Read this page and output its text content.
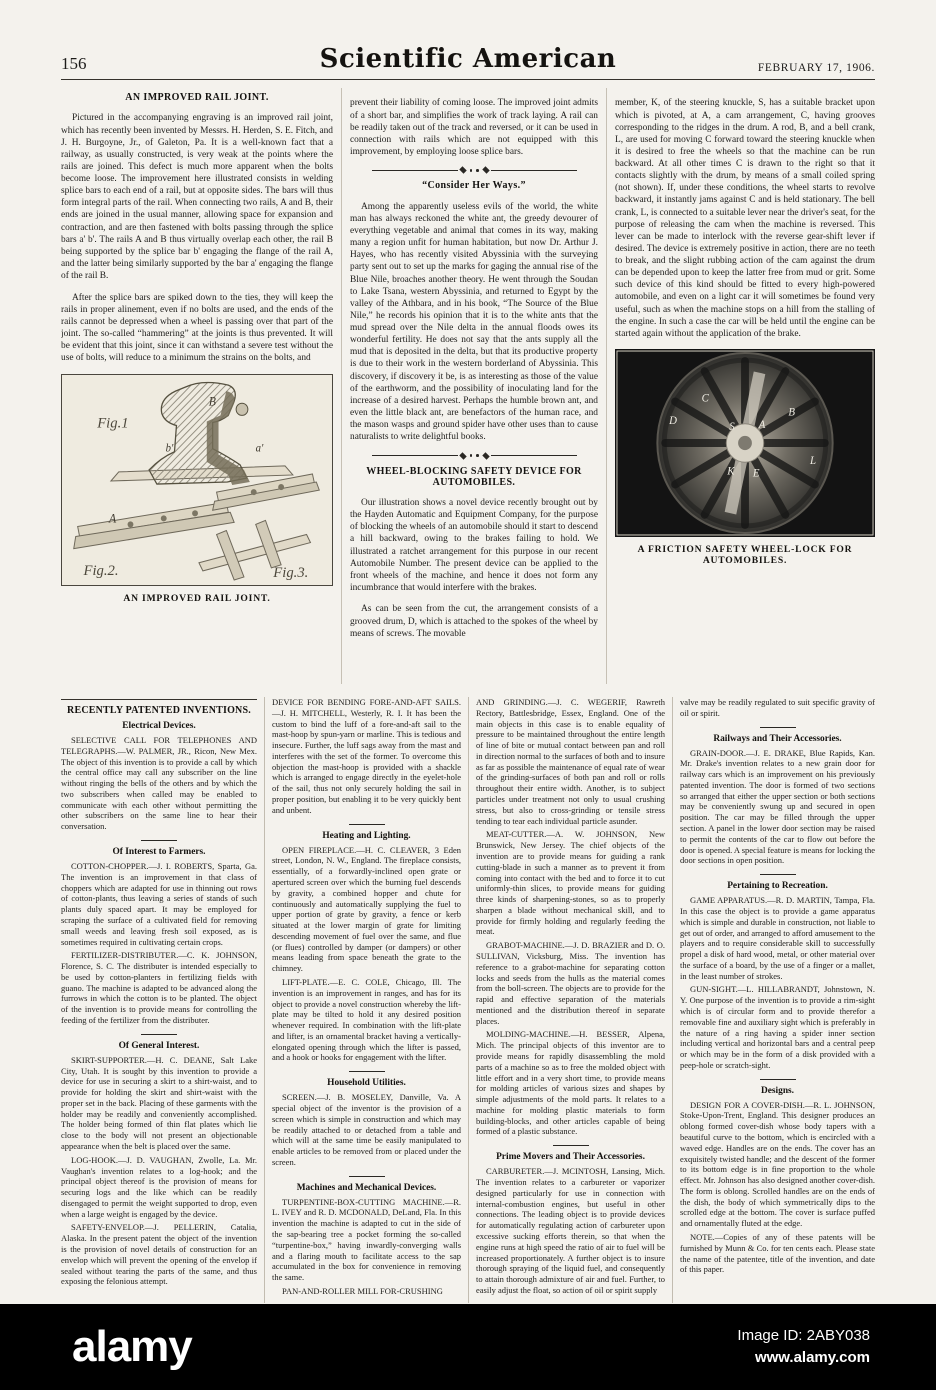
156	Scientific American	FEBRUARY 17, 1906.
AN IMPROVED RAIL JOINT.

Pictured in the accompanying engraving is an improved rail joint, which has recently been invented by Messrs. H. Herden, S. E. Fitch, and J. H. Burgoyne, Jr., of Galeton, Pa. It is a well-known fact that a railway, as usually constructed, is very weak at the points where the rails are joined. This defect is much more apparent when the bolts become loose. The improvement here illustrated consists in welding splice bars to each end of a rail, but at opposite sides. The bars will thus form integral parts of the rail. When connecting two rails, A and B, their ends are joined in the usual manner, allowing space for expansion and contraction, and are then fastened with bolts passing through the splice bars a' b'. The rails A and B thus virtually overlap each other, the rail B being supported by the splice bar b' engaging the flange of the rail A, and the latter being similarly supported by the bar a' engaging the flange of the rail B.

After the splice bars are spiked down to the ties, they will keep the rails in proper alinement, even if no bolts are used, and the ends of the rails cannot be depressed when a wheel is passing over that part of the joint. The so-called “hammering” at the joints is thus prevented. It will be evident that this joint, since it can withstand a severe test without the use of bolts, will reduce to a minimum the strains on the bolts, and

Fig.1
B
b'	a'
A
Fig.2.	Fig.3.
AN IMPROVED RAIL JOINT.

prevent their liability of coming loose. The improved joint admits of a short bar, and simplifies the work of track laying. A rail can be readily taken out of the track and reversed, or it can be used in connection with rails which are not equipped with this improvement, by employing loose splice bars.

“Consider Her Ways.”

Among the apparently useless evils of the world, the white man has always reckoned the white ant, the greedy devourer of everything vegetable and animal that comes in its way, making many a region unfit for human habitation, but now Dr. Arthur J. Hayes, who has recently visited Abyssinia with the surveying party sent out to set up the marks for gaging the annual rise of the Blue Nile, broaches another theory. He went through the Soudan to Lake Tsana, western Abyssinia, and returned to Egypt by the valley of the Athbara, and in his book, “The Source of the Blue Nile,” he records his opinion that it is to the white ants that the mud spread over the Nile delta in the annual floods owes its wonderful fertility. He does not say that the ants supply all the mud that is deposited in the delta, but that its productive property is due to their work in the western borderland of Abyssinia. This discovery, if discovery it be, is as interesting as those of the value of the earthworm, and the possibility of inoculating land for the increase of a desired harvest. Perhaps the humble brown ant, and even the little black ant, are benefactors of the human race, and the mason wasps and ground spider have other uses than to cause naturalists to write delightful books.

WHEEL-BLOCKING SAFETY DEVICE FOR AUTOMOBILES.

Our illustration shows a novel device recently brought out by the Hayden Automatic and Equipment Company, for the purpose of blocking the wheels of an automobile should it start to descend a hill backward, owing to the brakes failing to hold. We illustrated a ratchet arrangement for this purpose in our recent Automobile Number. The present device can be applied to the front wheels of the machine, and hence it does not form any incumbrance that would interfere with the brakes.

As can be seen from the cut, the arrangement consists of a grooved drum, D, which is attached to the spokes of the wheel by means of screws. The movable

member, K, of the steering knuckle, S, has a suitable bracket upon which is pivoted, at A, a cam arrangement, C, having grooves corresponding to the ridges in the drum. A rod, B, and a bell crank, L, are used for moving C forward toward the steering knuckle when it is desired to free the wheels so that the machine can be run backward. At all other times C is drawn to the right so that it contacts slightly with the drum, by means of a small coiled spring (not shown). If, under these conditions, the wheel starts to revolve backward, it instantly jams against C and is held stationary. The bell crank, L, is connected to a suitable lever near the driver's seat, for the purpose of releasing the cam when the machine is reversed. This lever can be made to interlock with the reverse gear-shift lever if desired. The device is extremely positive in action, there are no teeth to break, and the slight rubbing action of the cam against the drum can be depended upon to keep the latter free from mud or grit. Some such device of this kind should be fitted to every high-powered automobile, and even on a light car it will sometimes be found very useful, such as when the machine stops on a hill from the stalling of the engine. In such a case the car will be held until the engine can be started again without the application of the brake.

D
C
S A
B
K E
L
A FRICTION SAFETY WHEEL-LOCK FOR AUTOMOBILES.
RECENTLY PATENTED INVENTIONS.
Electrical Devices.

SELECTIVE CALL FOR TELEPHONES AND TELEGRAPHS.—W. PALMER, JR., Ricon, New Mex. The object of this invention is to provide a call by which the central office may call any subscriber on the line without ringing the bells of the others and by which the two subscribers when called may be enabled to communicate with each other without permitting the other subscribers on the same line to hear their conversation.

Of Interest to Farmers.

COTTON-CHOPPER.—J. I. ROBERTS, Sparta, Ga. The invention is an improvement in that class of choppers which are adapted for use in thinning out rows of cotton-plants, thus leaving a series of stands of such plants duly spaced apart. It may be employed for scraping the surface of a cultivated field for removing small weeds and leaving fresh soil exposed, as is sometimes required in cultivating certain crops.

FERTILIZER-DISTRIBUTER.—C. K. JOHNSON, Florence, S. C. The distributer is intended especially to be used by cotton-planters in fertilizing fields with guano. The machine is adapted to be advanced along the furrows in which the cotton is to be planted. The object of the invention is to provide means for controlling the feeding of the fertilizer from the distributer.

Of General Interest.

SKIRT-SUPPORTER.—H. C. DEANE, Salt Lake City, Utah. It is sought by this invention to provide a device for use in securing a skirt to a shirt-waist, and to provide for holding the skirt and shirt-waist with the proper set in the back. Placing of these garments with the holder may be readily and conveniently accomplished. The holder being formed of thin flat plates which lie close to the body will not present an objectionable appearance when the belt is placed over the same.

LOG-HOOK.—J. D. VAUGHAN, Zwolle, La. Mr. Vaughan's invention relates to a log-hook; and the principal object thereof is the provision of means for securing logs and the like which can be readily disengaged to permit the weight supported to drop, even when a large weight is engaged by the device.

SAFETY-ENVELOP.—J. PELLERIN, Catalia, Alaska. In the present patent the object of the invention is the provision of novel details of construction for an envelop which will prevent the opening of the envelop if sealed without tearing the parts of the same, and thus exposing the felonious attempt.

DEVICE FOR BENDING FORE-AND-AFT SAILS.—J. H. MITCHELL, Westerly, R. I. It has been the custom to bind the luff of a fore-and-aft sail to the mast-hoop by spun-yarn or marline. This is tedious and insecure. Further, the luff sags away from the mast and interferes with the set of the former. To overcome this objection the mast-hoop is provided with a shackle which is arranged to engage directly in the eyelet-hole of the sail, thus not only securely holding the sail in proper position, but enabling it to be very quickly bent and unbent.

Heating and Lighting.

OPEN FIREPLACE.—H. C. CLEAVER, 3 Eden street, London, N. W., England. The fireplace consists, essentially, of a forwardly-inclined open grate or apertured screen over which the burning fuel descends by gravity, a combined hopper and chute for continuously and automatically supplying the fuel to upper portion of grate by gravity, a fence or kerb situated at the lower margin of grate for limiting descending movement of fuel over the same, and flue (or flues) controlled by damper (or dampers) or other means leading from space beneath the grate to the chimney.

LIFT-PLATE.—E. C. COLE, Chicago, Ill. The invention is an improvement in ranges, and has for its object to provide a novel construction whereby the lift-plate may be tilted to hold it any desired position whenever required. In combination with the lift-plate and lifter, is an ornamental bracket having a vertically-elongated opening through which the lifter is passed, and a hook or hooks for engagement with the lifter.

Household Utilities.

SCREEN.—J. B. MOSELEY, Danville, Va. A special object of the inventor is the provision of a screen which is simple in construction and which may be readily attached to or detached from a table and which will at the same time be easily manipulated to enable articles to be removed from or placed under the screen.

Machines and Mechanical Devices.

TURPENTINE-BOX-CUTTING MACHINE.—R. L. IVEY and R. D. MCDONALD, DeLand, Fla. In this invention the machine is adapted to cut in the side of the sap-bearing tree a pocket forming the so-called “turpentine-box,” having inwardly-converging walls and a flaring mouth to facilitate access to the sap accumulated in the box for convenience in removing the same.

PAN-AND-ROLLER MILL FOR-CRUSHING

AND GRINDING.—J. C. WEGERIF, Rawreth Rectory, Battlesbridge, Essex, England. One of the main objects in this case is to enable equality of pressure to be maintained throughout the entire length of line of bite or mutual contact between pan and roll in direction normal to the surfaces of both and to insure as far as possible the maintenance of equal rate of wear of the grinding-surfaces of both pan and roll or rolls throughout their entire width. Another, is to subject particles under treatment not only to usual crushing stress, but also to cross-grinding or tensile stress tending to tear each individual particle asunder.

MEAT-CUTTER.—A. W. JOHNSON, New Brunswick, New Jersey. The chief objects of the invention are to provide means for guiding a rank cutting-blade in such a manner as to prevent it from coming into contact with the bed and to force it to cut uniformly-thin slices, to provide means for guiding three kinds of sharpening-stones, so as to properly sharpen a blade without mechanical skill, and to provide for firmly holding and regularly feeding the meat.

GRABOT-MACHINE.—J. D. BRAZIER and D. O. SULLIVAN, Vicksburg, Miss. The invention has reference to a grabot-machine for separating cotton locks and seeds from the hulls as the material comes from the boll-screen. The objects are to provide for the rapid and effective separation of the materials mentioned and the distribution thereof in separate places.

MOLDING-MACHINE.—H. BESSER, Alpena, Mich. The principal objects of this inventor are to provide means for rapidly disassembling the mold parts of a machine so as to free the molded object with little effort and in a very short time, to provide means for molding articles of various sizes and shapes by simple adjustments of the mold parts. It relates to a machine for molding plastic materials to form building-blocks, and other articles capable of being formed of a plastic substance.

Prime Movers and Their Accessories.

CARBURETER.—J. MCINTOSH, Lansing, Mich. The invention relates to a carbureter or vaporizer designed particularly for use in connection with internal-combustion engines, but useful in other connections. The leading object is to provide devices for automatically regulating action of carbureter upon excessive sucking efforts therein, so that when the engine runs at high speed the ratio of air to fuel will be increased proportionately. A further object is to insure thorough spraying of the liquid fuel, and consequently to attain thorough admixture of air and fuel. Further, to easily adjust the float, so action of oil or spirit supply

valve may be readily regulated to suit specific gravity of oil or spirit.

Railways and Their Accessories.

GRAIN-DOOR.—J. E. DRAKE, Blue Rapids, Kan. Mr. Drake's invention relates to a new grain door for railway cars which is an improvement on his previously patented invention. The door is formed of two sections so arranged that either the upper section or both sections may be conveniently swung up and secured in open position. The car may be filled through the upper section. A panel in the lower door section may be raised to permit the contents of the car to flow out before the door is opened. A special feature is means for locking the door sections in open position.

Pertaining to Recreation.

GAME APPARATUS.—R. D. MARTIN, Tampa, Fla. In this case the object is to provide a game apparatus which is simple and durable in construction, not liable to get out of order, and arranged to afford amusement to the players and to require considerable skill to successfully propel a disk of hard wood, metal, or other material over the surface of a board, by the use of a finger or a mallet, in the least number of strokes.

GUN-SIGHT.—L. HILLABRANDT, Johnstown, N. Y. One purpose of the invention is to provide a rim-sight which is of circular form and to provide therefor a removable fine and auxiliary sight which is preferably in the nature of a ring having a spider inner section including vertical and horizontal bars and a central peep or which may be in the form of a disk provided with a peep-hole or scratch-sight.

Designs.

DESIGN FOR A COVER-DISH.—R. L. JOHNSON, Stoke-Upon-Trent, England. This designer produces an oblong formed cover-dish whose body tapers with a beautiful curve to the bottom, which is encircled with a waved edge. Handles are on the ends. The cover has an exquisitely twisted handle; and the descent of the former to its bottom edge is in fine proportion to the whole effect. Mr. Johnson has also designed another cover-dish. The form is oblong. Scrolled handles are on the ends of the dish, the body of which symmetrically dips to the scrolled edge at the bottom. The cover is surface puffed and ornamentally fluted at the edge.

NOTE.—Copies of any of these patents will be furnished by Munn & Co. for ten cents each. Please state the name of the patentee, title of the invention, and date of this paper.

alamy	Image ID: 2ABY038
www.alamy.com
